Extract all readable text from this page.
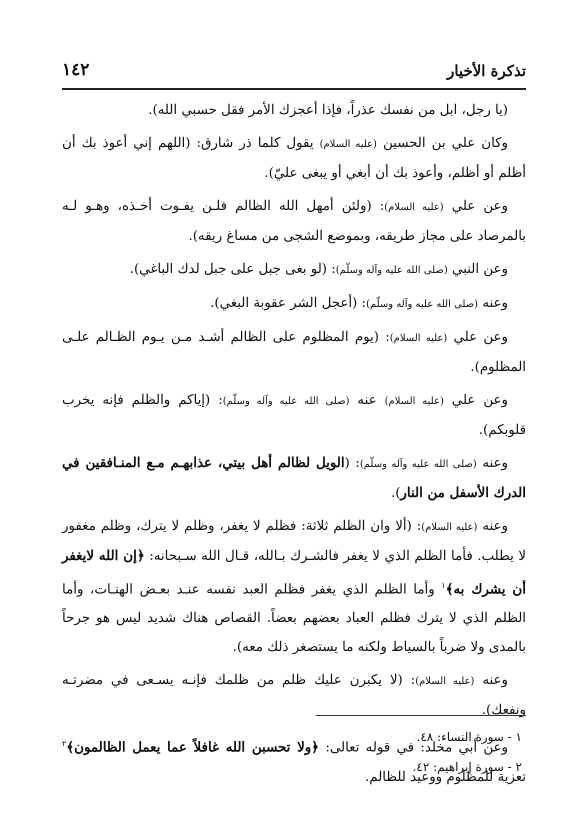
تذكرة الأخيار
١٤٢

(يا رجل، ابل من نفسك عذراً، فإذا أعجزك الأمر فقل حسبي الله).

وكان علي بن الحسين (عليه السلام) يقول كلما ذر شارق: (اللهم إني أعوذ بك أن أظلم أو أظلم، وأعوذ بك أن أبغي أو يبغى عليّ).

وعن علي (عليه السلام): (ولئن أمهل الله الظالم فلـن يفـوت أخـذه، وهـو لـه بالمرصاد على مجاز طريقه، وبموضع الشجى من مساغ ريقه).

وعن النبي (صلى الله عليه وآله وسلّم): (لو بغى جبل على جبل لدك الباغي).

وعنه (صلى الله عليه وآله وسلّم): (أعجل الشر عقوبة البغي).

وعن علي (عليه السلام): (يوم المظلوم على الظالم أشـد مـن يـوم الظـالم علـى المظلوم).

وعن علي (عليه السلام) عنه (صلى الله عليه وآله وسلّم): (إياكم والظلم فإنه يخرب قلوبكم).

وعنه (صلى الله عليه وآله وسلّم): (الويل لظالم أهل بيتي، عذابهـم مـع المنـافقين في الدرك الأسفل من النار).

وعنه (عليه السلام): (ألا وان الظلم ثلاثة: فظلم لا يغفر، وظلم لا يترك، وظلم مغفور لا يطلب. فأما الظلم الذي لا يغفر فالشـرك بـالله، قـال الله سـبحانه: ﴿إن الله لايغفر أن يشرك به﴾$^١$ وأما الظلم الذي يغفر فظلم العبد نفسه عنـد بعـض الهنـات، وأما الظلم الذي لا يترك فظلم العباد بعضهم بعضاً. القصاص هناك شديد ليس هو جرحاً بالمدى ولا ضرباً بالسياط ولكنه ما يستصغر ذلك معه).

وعنه (عليه السلام): (لا يكبرن عليك ظلم من ظلمك فإنـه يسـعى في مضرتـه ونفعك).

وعن أبي مخلد: في قوله تعالى: ﴿ولا تحسبن الله غافلاً عما يعمل الظالمون﴾$^٢$ تعزية للمظلوم ووعيد للظالم.

١ - سورة النساء: ٤٨.
٢ - سورة إبراهيم: ٤٢.
